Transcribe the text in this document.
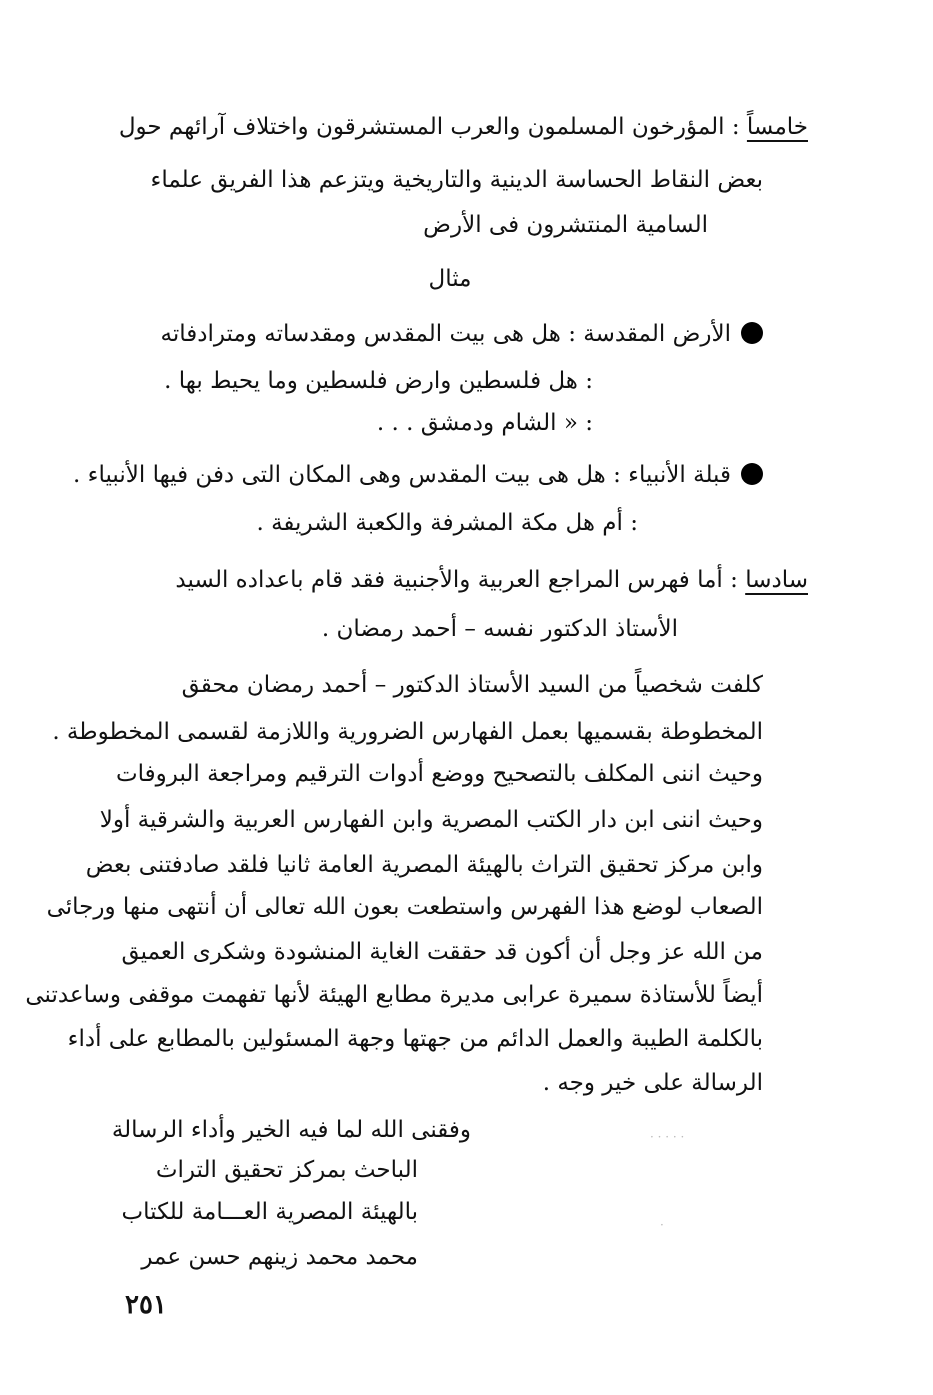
خامساً : المؤرخون المسلمون والعرب المستشرقون واختلاف آرائهم حول
بعض النقاط الحساسة الدينية والتاريخية ويتزعم هذا الفريق علماء
السامية المنتشرون فى الأرض
مثال
الأرض المقدسة : هل هى بيت المقدس ومقدساته ومترادفاته
: هل فلسطين وارض فلسطين وما يحيط بها .
: « الشام ودمشق . . .
قبلة الأنبياء : هل هى بيت المقدس وهى المكان التى دفن فيها الأنبياء .
: أم هل مكة المشرفة والكعبة الشريفة .
سادسا : أما فهرس المراجع العربية والأجنبية فقد قام باعداده السيد
الأستاذ الدكتور نفسه – أحمد رمضان .
كلفت شخصياً من السيد الأستاذ الدكتور – أحمد رمضان محقق
المخطوطة بقسميها بعمل الفهارس الضرورية واللازمة لقسمى المخطوطة .
وحيث اننى المكلف بالتصحيح ووضع أدوات الترقيم ومراجعة البروفات
وحيث اننى ابن دار الكتب المصرية وابن الفهارس العربية والشرقية أولا
وابن مركز تحقيق التراث بالهيئة المصرية العامة ثانيا فلقد صادفتنى بعض
الصعاب لوضع هذا الفهرس واستطعت بعون الله تعالى أن أنتهى منها ورجائى
من الله عز وجل أن أكون قد حققت الغاية المنشودة وشكرى العميق
أيضاً للأستاذة سميرة عرابى مديرة مطابع الهيئة لأنها تفهمت موقفى وساعدتنى
بالكلمة الطيبة والعمل الدائم من جهتها وجهة المسئولين بالمطابع على أداء
الرسالة على خير وجه .
وفقنى الله لما فيه الخير وأداء الرسالة
الباحث بمركز تحقيق التراث
بالهيئة المصرية العـــامة للكتاب
محمد محمد زينهم حسن عمر
٢٥١
· · · · ·
·
